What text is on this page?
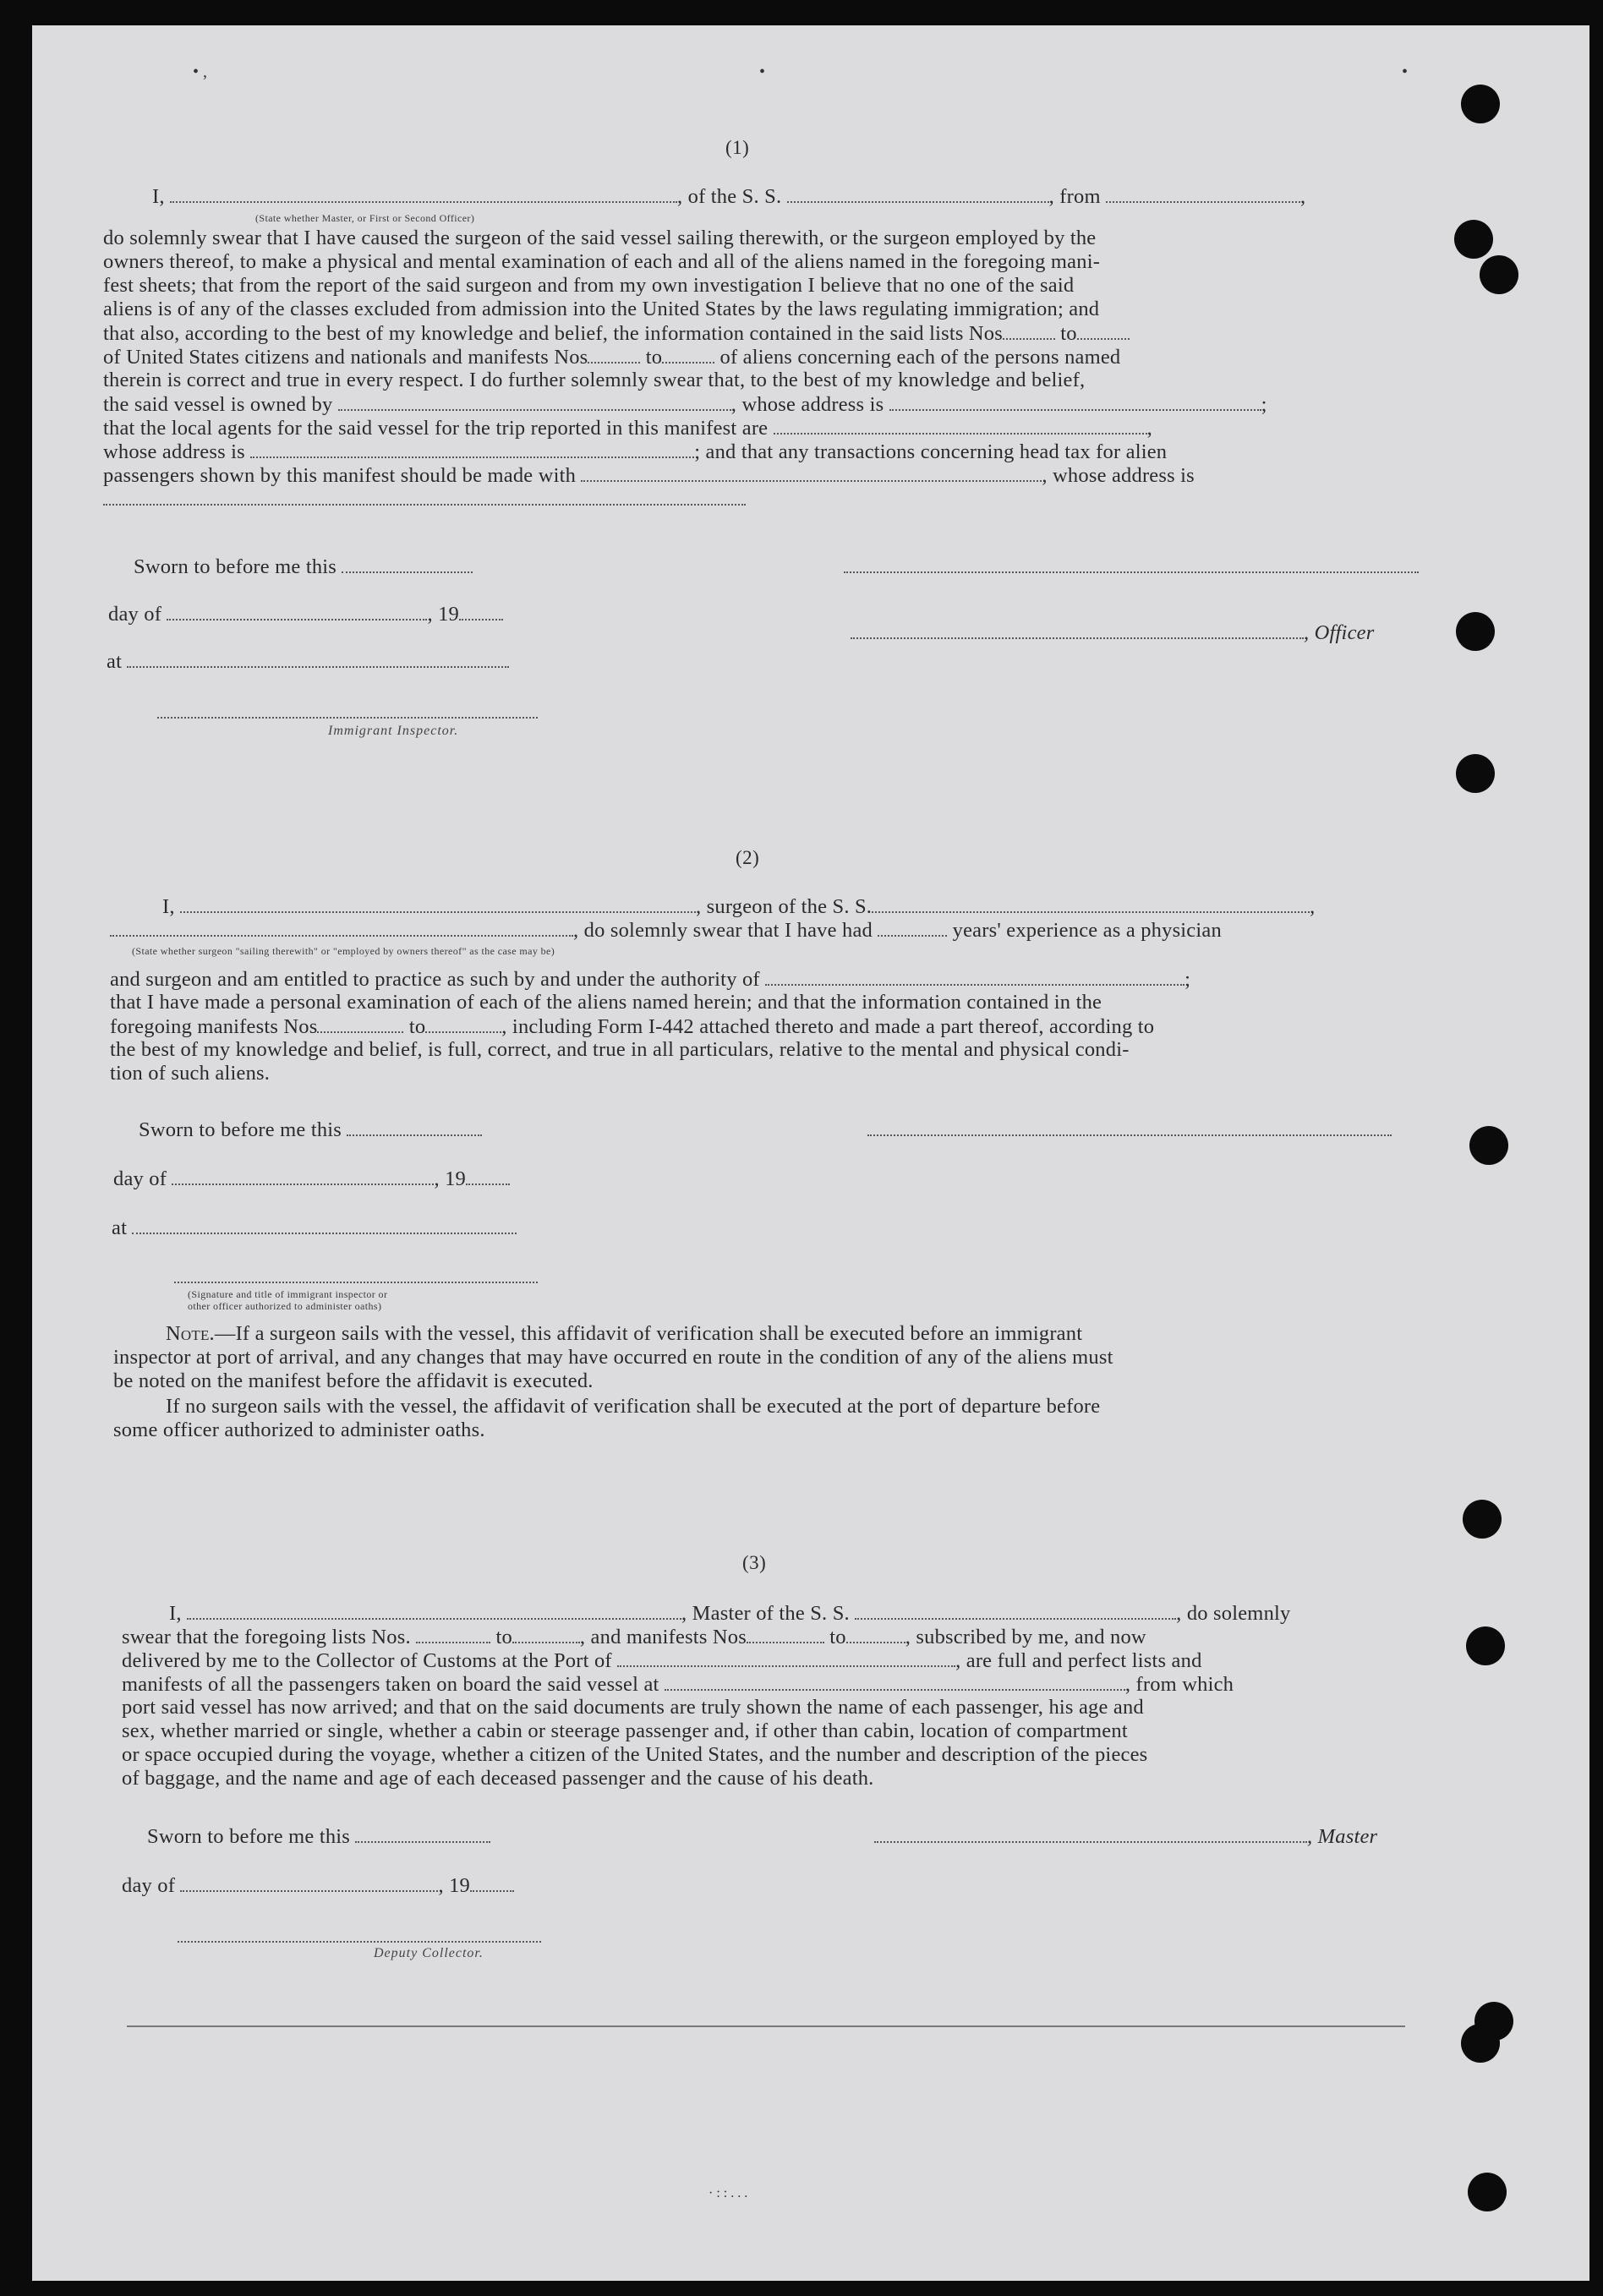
• ,	•	•
(1)
I,	, of the S. S.	, from	,
(State whether Master, or First or Second Officer)
do solemnly swear that I have caused the surgeon of the said vessel sailing therewith, or the surgeon employed by the
owners thereof, to make a physical and mental examination of each and all of the aliens named in the foregoing mani-
fest sheets; that from the report of the said surgeon and from my own investigation I believe that no one of the said
aliens is of any of the classes excluded from admission into the United States by the laws regulating immigration; and
that also, according to the best of my knowledge and belief, the information contained in the said lists Nos	to
of United States citizens and nationals and manifests Nos	to	of aliens concerning each of the persons named
therein is correct and true in every respect. I do further solemnly swear that, to the best of my knowledge and belief,
the said vessel is owned by	, whose address is	;
that the local agents for the said vessel for the trip reported in this manifest are	,
whose address is	; and that any transactions concerning head tax for alien
passengers shown by this manifest should be made with	, whose address is
Sworn to before me this
day of	, 19
, Officer
at
Immigrant Inspector.
(2)
I,	, surgeon of the S. S.	,
, do solemnly swear that I have had	years' experience as a physician
(State whether surgeon "sailing therewith" or "employed by owners thereof" as the case may be)
and surgeon and am entitled to practice as such by and under the authority of	;
that I have made a personal examination of each of the aliens named herein; and that the information contained in the
foregoing manifests Nos	to	, including Form I-442 attached thereto and made a part thereof, according to
the best of my knowledge and belief, is full, correct, and true in all particulars, relative to the mental and physical condi-
tion of such aliens.
Sworn to before me this
day of	, 19
at
(Signature and title of immigrant inspector or
other officer authorized to administer oaths)
Note.—If a surgeon sails with the vessel, this affidavit of verification shall be executed before an immigrant
inspector at port of arrival, and any changes that may have occurred en route in the condition of any of the aliens must
be noted on the manifest before the affidavit is executed.
If no surgeon sails with the vessel, the affidavit of verification shall be executed at the port of departure before
some officer authorized to administer oaths.
(3)
I,	, Master of the S. S.	, do solemnly
swear that the foregoing lists Nos.	to	, and manifests Nos	to	, subscribed by me, and now
delivered by me to the Collector of Customs at the Port of	, are full and perfect lists and
manifests of all the passengers taken on board the said vessel at	, from which
port said vessel has now arrived; and that on the said documents are truly shown the name of each passenger, his age and
sex, whether married or single, whether a cabin or steerage passenger and, if other than cabin, location of compartment
or space occupied during the voyage, whether a citizen of the United States, and the number and description of the pieces
of baggage, and the name and age of each deceased passenger and the cause of his death.
Sworn to before me this	, Master
day of	, 19
Deputy Collector.
· : : . . .
